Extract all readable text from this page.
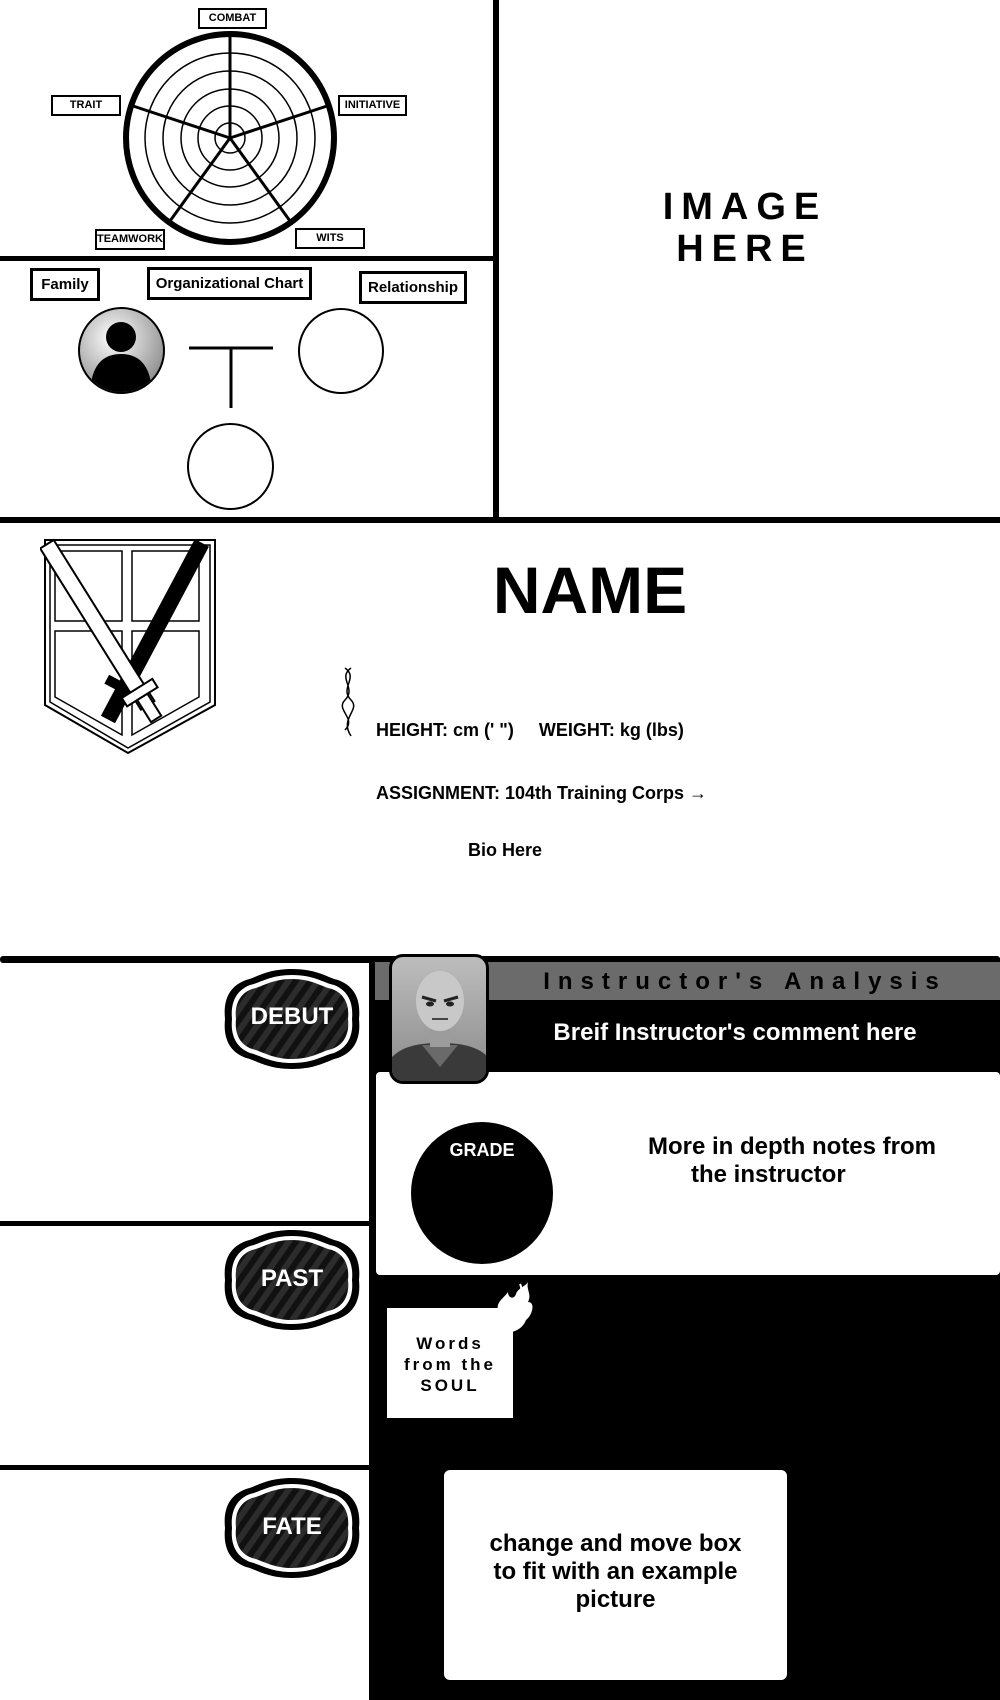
COMBAT
INITIATIVE
WITS
TEAMWORK
TRAIT
IMAGE
HERE
Family	Organizational Chart	Relationship
NAME

HEIGHT: cm (' ")     WEIGHT: kg (lbs)

ASSIGNMENT: 104th Training Corps →

Bio Here
Instructor's Analysis
Breif Instructor's comment here
GRADE	More in depth notes from
the instructor
Words
from the
SOUL
change and move box
to fit with an example
picture
DEBUT
PAST
FATE
